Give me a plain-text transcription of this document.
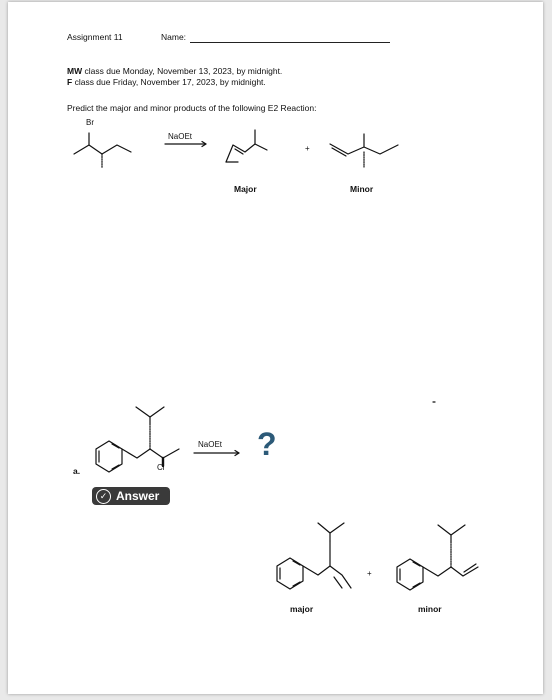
Assignment 11	Name:
MW class due Monday, November 13, 2023, by midnight.
F class due Friday, November 17, 2023, by midnight.
Predict the major and minor products of the following E2 Reaction:
Br
NaOEt
+
Major	Minor
a.	Cl
NaOEt ?
✓ Answer
+
major	minor
